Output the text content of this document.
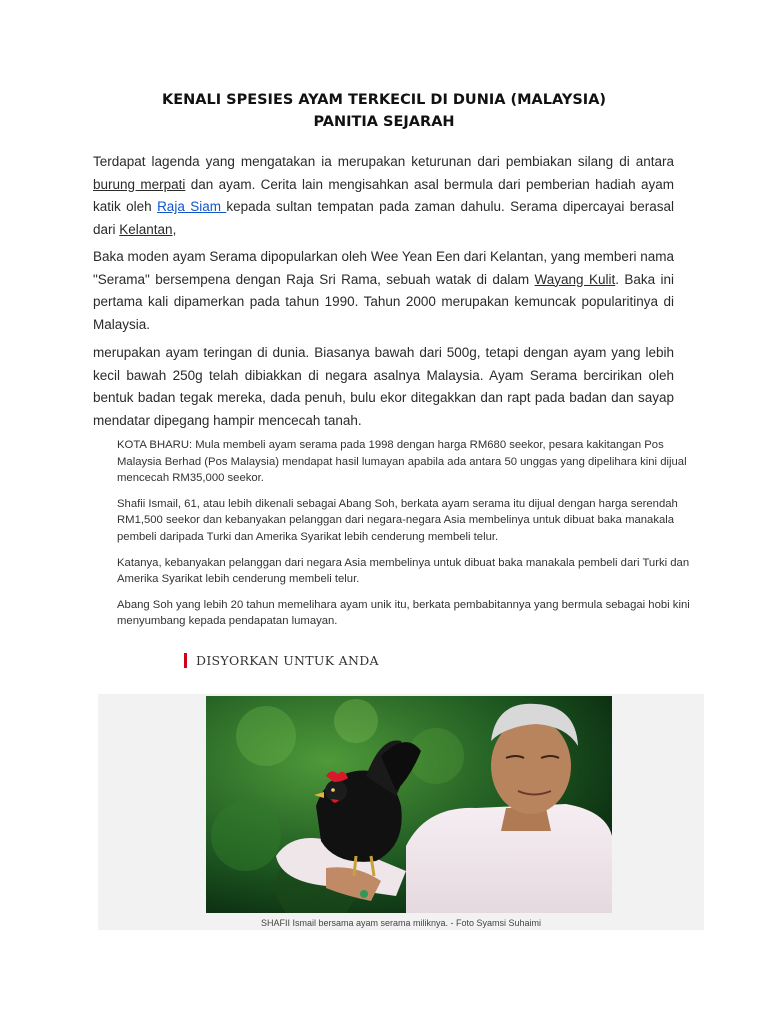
KENALI SPESIES AYAM TERKECIL DI DUNIA (MALAYSIA)
PANITIA SEJARAH
Terdapat lagenda yang mengatakan ia merupakan keturunan dari pembiakan silang di antara burung merpati dan ayam. Cerita lain mengisahkan asal bermula dari pemberian hadiah ayam katik oleh Raja Siam kepada sultan tempatan pada zaman dahulu. Serama dipercayai berasal dari Kelantan,
Baka moden ayam Serama dipopularkan oleh Wee Yean Een dari Kelantan, yang memberi nama "Serama" bersempena dengan Raja Sri Rama, sebuah watak di dalam Wayang Kulit. Baka ini pertama kali dipamerkan pada tahun 1990. Tahun 2000 merupakan kemuncak popularitinya di Malaysia.
merupakan ayam teringan di dunia. Biasanya bawah dari 500g, tetapi dengan ayam yang lebih kecil bawah 250g telah dibiakkan di negara asalnya Malaysia. Ayam Serama bercirikan oleh bentuk badan tegak mereka, dada penuh, bulu ekor ditegakkan dan rapt pada badan dan sayap mendatar dipegang hampir mencecah tanah.

KOTA BHARU: Mula membeli ayam serama pada 1998 dengan harga RM680 seekor, pesara kakitangan Pos Malaysia Berhad (Pos Malaysia) mendapat hasil lumayan apabila ada antara 50 unggas yang dipelihara kini dijual mencecah RM35,000 seekor.

Shafii Ismail, 61, atau lebih dikenali sebagai Abang Soh, berkata ayam serama itu dijual dengan harga serendah RM1,500 seekor dan kebanyakan pelanggan dari negara-negara Asia membelinya untuk dibuat baka manakala pembeli daripada Turki dan Amerika Syarikat lebih cenderung membeli telur.

Katanya, kebanyakan pelanggan dari negara Asia membelinya untuk dibuat baka manakala pembeli dari Turki dan Amerika Syarikat lebih cenderung membeli telur.

Abang Soh yang lebih 20 tahun memelihara ayam unik itu, berkata pembabitannya yang bermula sebagai hobi kini menyumbang kepada pendapatan lumayan.

DISYORKAN UNTUK ANDA
SHAFII Ismail bersama ayam serama miliknya. - Foto Syamsi Suhaimi
